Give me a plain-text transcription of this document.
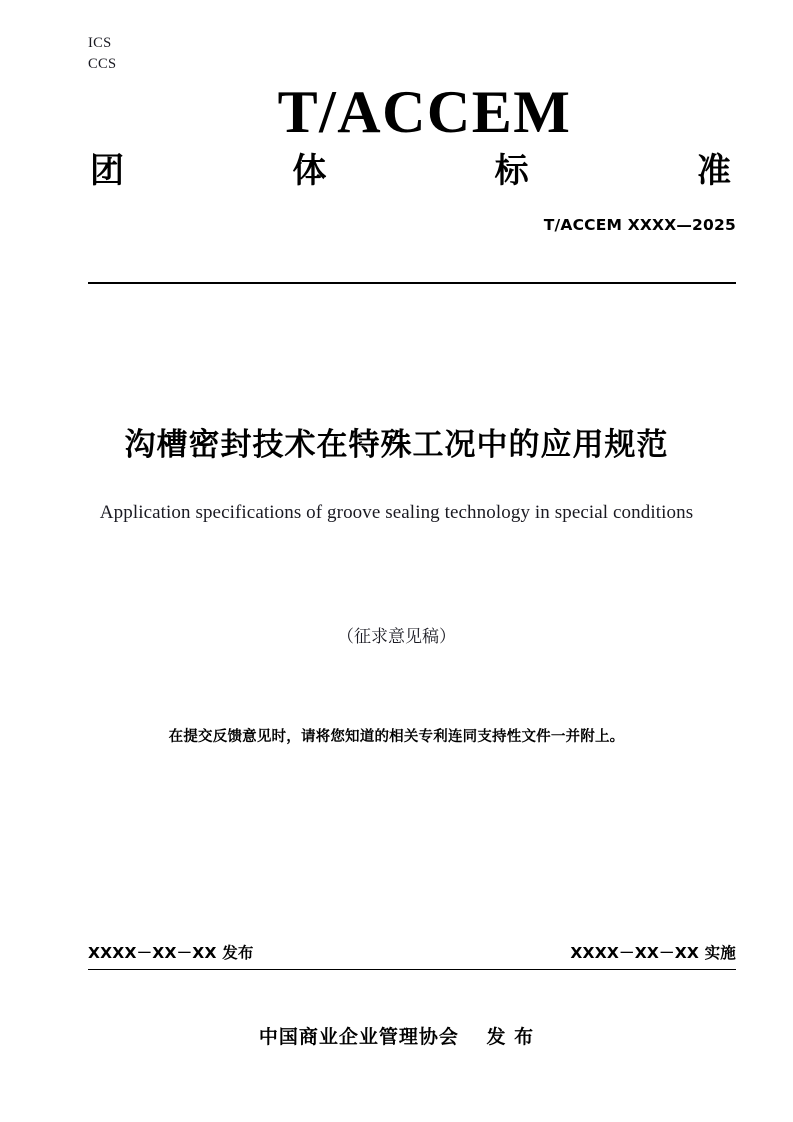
ICS
CCS
T/ACCEM
团	体	标	准
T/ACCEM XXXX—2025
沟槽密封技术在特殊工况中的应用规范
Application specifications of groove sealing technology in special conditions
（征求意见稿）
在提交反馈意见时，请将您知道的相关专利连同支持性文件一并附上。
XXXX－XX－XX 发布	XXXX－XX－XX 实施
中国商业企业管理协会　 发 布
